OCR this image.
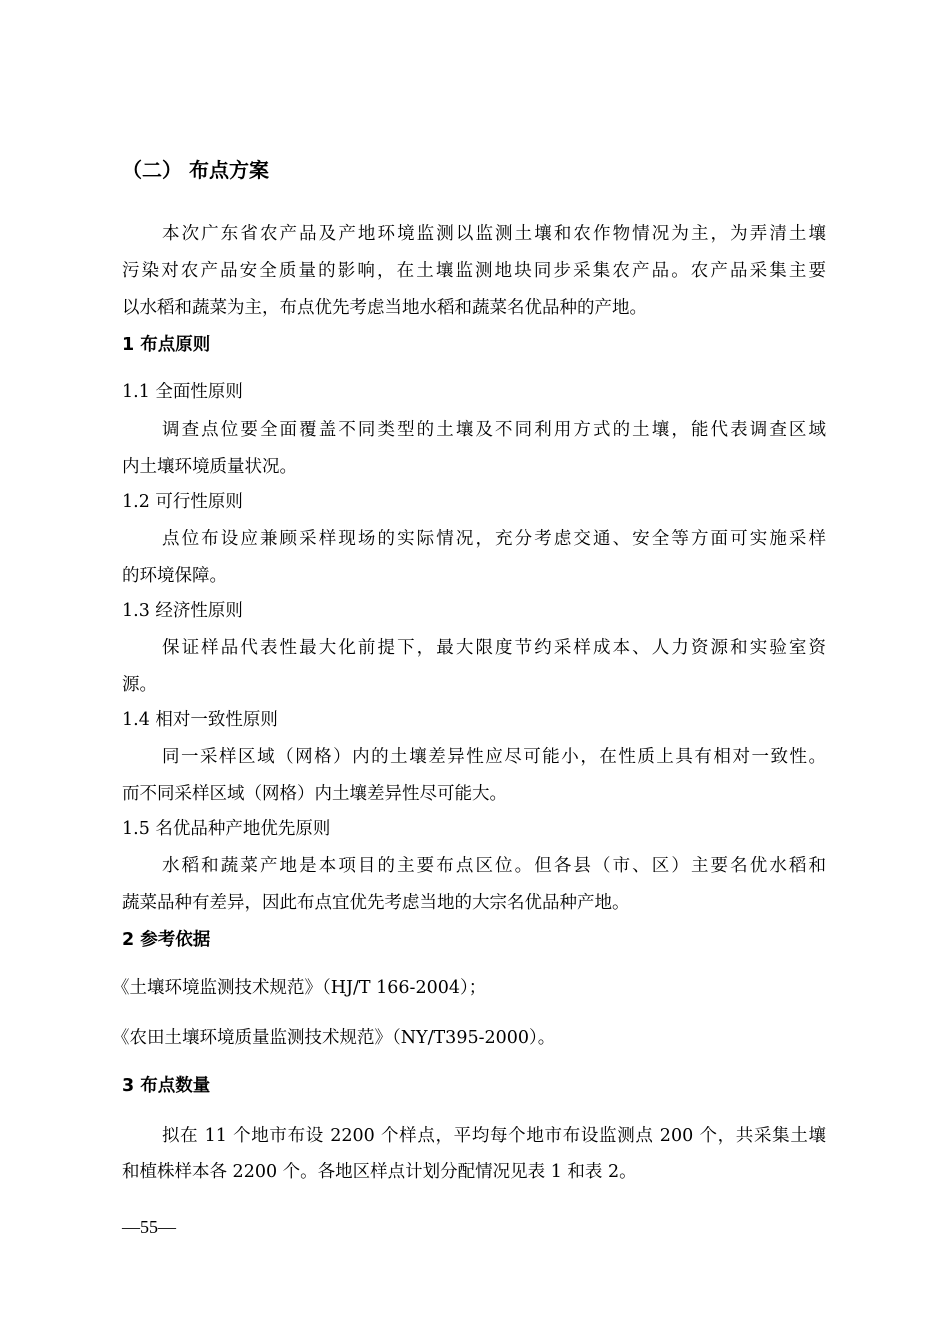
（二） 布点方案
本次广东省农产品及产地环境监测以监测土壤和农作物情况为主，为弄清土壤
污染对农产品安全质量的影响，在土壤监测地块同步采集农产品。农产品采集主要
以水稻和蔬菜为主，布点优先考虑当地水稻和蔬菜名优品种的产地。
1 布点原则
1.1 全面性原则
调查点位要全面覆盖不同类型的土壤及不同利用方式的土壤，能代表调查区域
内土壤环境质量状况。
1.2 可行性原则
点位布设应兼顾采样现场的实际情况，充分考虑交通、安全等方面可实施采样
的环境保障。
1.3 经济性原则
保证样品代表性最大化前提下，最大限度节约采样成本、人力资源和实验室资
源。
1.4 相对一致性原则
同一采样区域（网格）内的土壤差异性应尽可能小，在性质上具有相对一致性。
而不同采样区域（网格）内土壤差异性尽可能大。
1.5 名优品种产地优先原则
水稻和蔬菜产地是本项目的主要布点区位。但各县（市、区）主要名优水稻和
蔬菜品种有差异，因此布点宜优先考虑当地的大宗名优品种产地。
2 参考依据
《土壤环境监测技术规范》（HJ/T 166-2004）；
《农田土壤环境质量监测技术规范》（NY/T395-2000）。
3 布点数量
拟在 11 个地市布设 2200 个样点，平均每个地市布设监测点 200 个，共采集土壤
和植株样本各 2200 个。各地区样点计划分配情况见表 1 和表 2。
—55—
